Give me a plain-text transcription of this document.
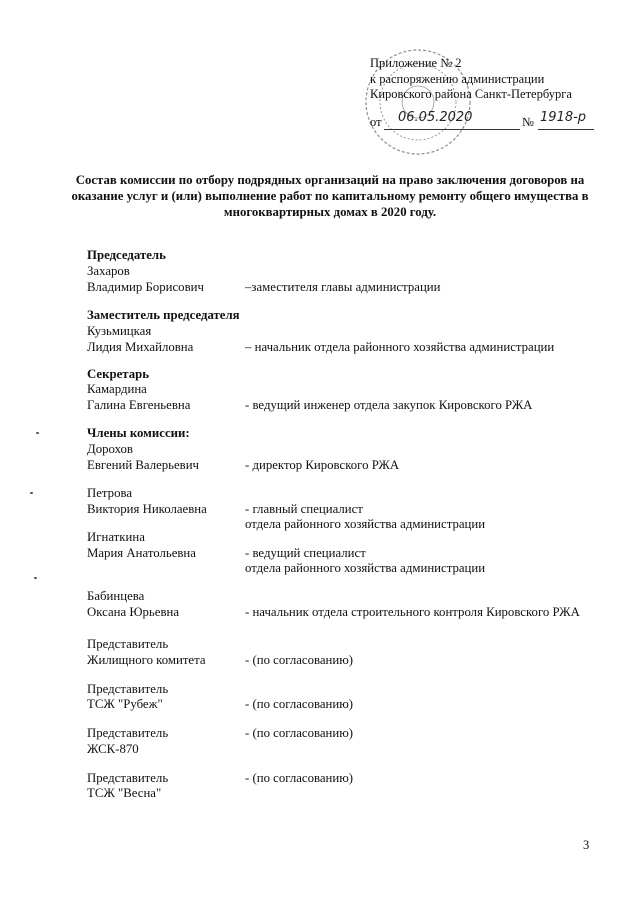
Приложение № 2
к распоряжению администрации
Кировского района Санкт-Петербурга
от 06.05.2020	№ 1918-р
Состав комиссии по отбору подрядных организаций на право заключения договоров на оказание услуг и (или) выполнение работ по капитальному ремонту общего имущества в многоквартирных домах в 2020 году.
Председатель
Захаров
Владимир Борисович	–заместителя главы администрации
Заместитель председателя
Кузьмицкая
Лидия Михайловна	– начальник отдела районного хозяйства администрации
Секретарь
Камардина
Галина Евгеньевна	- ведущий инженер отдела закупок Кировского РЖА
Члены комиссии:
Дорохов
Евгений Валерьевич	- директор Кировского РЖА
Петрова
Виктория Николаевна	- главный специалист
отдела районного хозяйства администрации
Игнаткина
Мария Анатольевна	- ведущий специалист
отдела районного хозяйства администрации
Бабинцева
Оксана Юрьевна	- начальник отдела строительного контроля Кировского РЖА
Представитель
Жилищного комитета	- (по согласованию)
Представитель
ТСЖ "Рубеж"	- (по согласованию)
Представитель	- (по согласованию)
ЖСК-870
Представитель	- (по согласованию)
ТСЖ "Весна"
3
